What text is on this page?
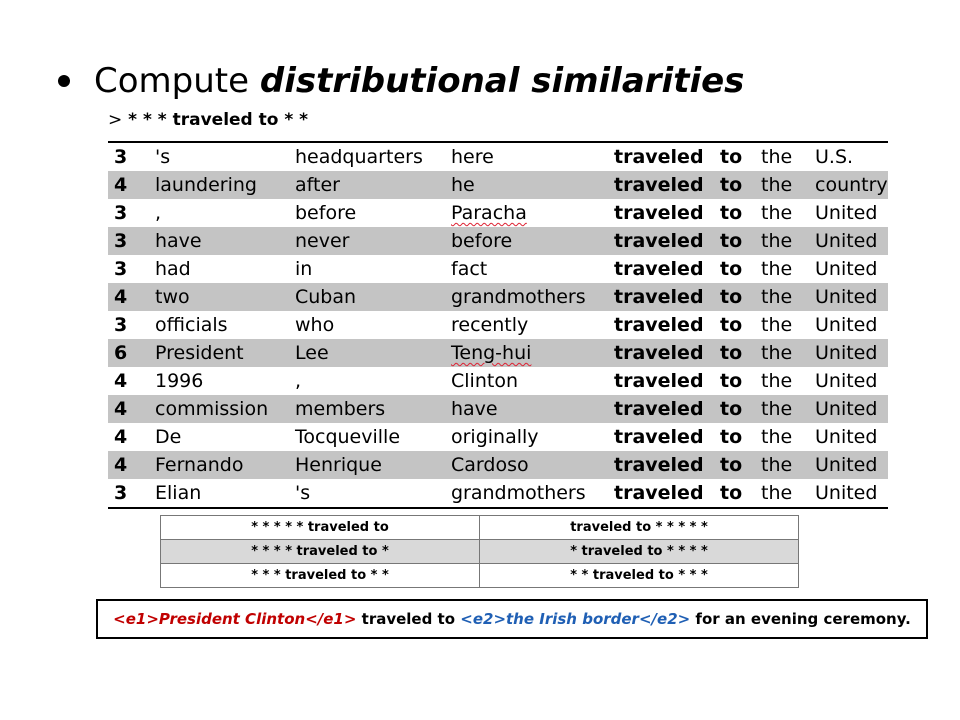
Compute distributional similarities
> * * * traveled to * *
3	's	headquarters	here	traveled	to	the	U.S.
4	laundering	after	he	traveled	to	the	country
3	,	before	Paracha	traveled	to	the	United
3	have	never	before	traveled	to	the	United
3	had	in	fact	traveled	to	the	United
4	two	Cuban	grandmothers	traveled	to	the	United
3	officials	who	recently	traveled	to	the	United
6	President	Lee	Teng-hui	traveled	to	the	United
4	1996	,	Clinton	traveled	to	the	United
4	commission	members	have	traveled	to	the	United
4	De	Tocqueville	originally	traveled	to	the	United
4	Fernando	Henrique	Cardoso	traveled	to	the	United
3	Elian	's	grandmothers	traveled	to	the	United
* * * * * traveled to	traveled to * * * * *
* * * * traveled to *	* traveled to * * * *
* * * traveled to * *	* * traveled to * * *
<e1> President Clinton </e1> traveled to <e2> the Irish border </e2> for an evening ceremony.
